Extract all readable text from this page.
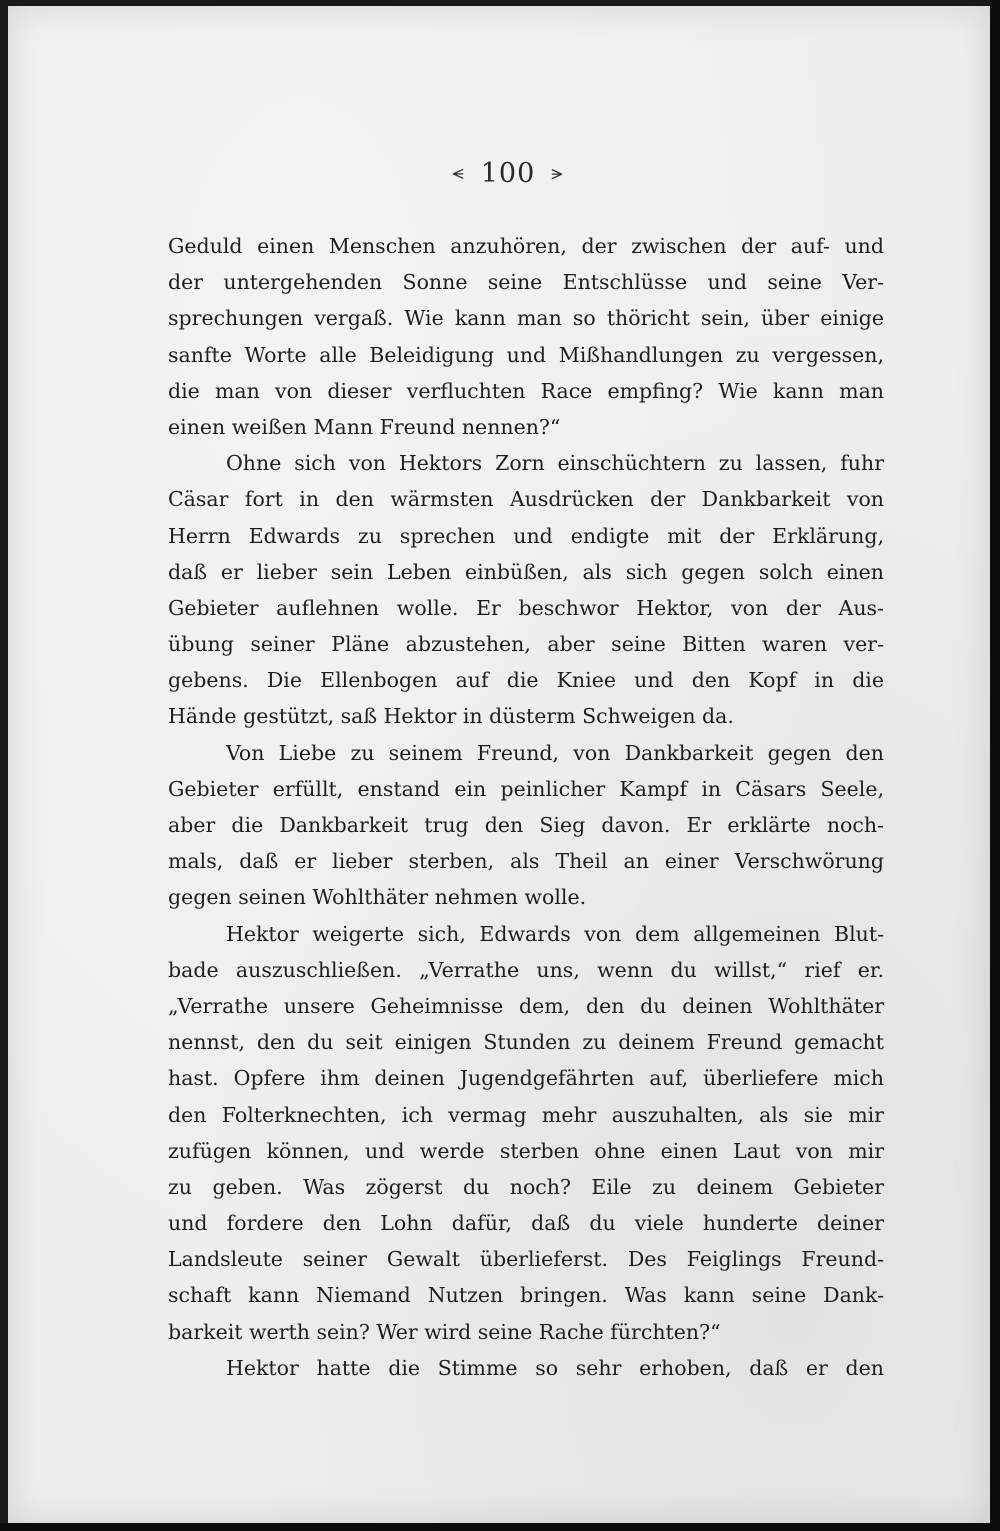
⪪ 100 ⪫
Geduld einen Menschen anzuhören, der zwischen der auf- und
der untergehenden Sonne seine Entschlüsse und seine Ver-
sprechungen vergaß. Wie kann man so thöricht sein, über einige
sanfte Worte alle Beleidigung und Mißhandlungen zu vergessen,
die man von dieser verfluchten Race empfing? Wie kann man
einen weißen Mann Freund nennen?“
Ohne sich von Hektors Zorn einschüchtern zu lassen, fuhr
Cäsar fort in den wärmsten Ausdrücken der Dankbarkeit von
Herrn Edwards zu sprechen und endigte mit der Erklärung,
daß er lieber sein Leben einbüßen, als sich gegen solch einen
Gebieter auflehnen wolle. Er beschwor Hektor, von der Aus-
übung seiner Pläne abzustehen, aber seine Bitten waren ver-
gebens. Die Ellenbogen auf die Kniee und den Kopf in die
Hände gestützt, saß Hektor in düsterm Schweigen da.
Von Liebe zu seinem Freund, von Dankbarkeit gegen den
Gebieter erfüllt, enstand ein peinlicher Kampf in Cäsars Seele,
aber die Dankbarkeit trug den Sieg davon. Er erklärte noch-
mals, daß er lieber sterben, als Theil an einer Verschwörung
gegen seinen Wohlthäter nehmen wolle.
Hektor weigerte sich, Edwards von dem allgemeinen Blut-
bade auszuschließen. „Verrathe uns, wenn du willst,“ rief er.
„Verrathe unsere Geheimnisse dem, den du deinen Wohlthäter
nennst, den du seit einigen Stunden zu deinem Freund gemacht
hast. Opfere ihm deinen Jugendgefährten auf, überliefere mich
den Folterknechten, ich vermag mehr auszuhalten, als sie mir
zufügen können, und werde sterben ohne einen Laut von mir
zu geben. Was zögerst du noch? Eile zu deinem Gebieter
und fordere den Lohn dafür, daß du viele hunderte deiner
Landsleute seiner Gewalt überlieferst. Des Feiglings Freund-
schaft kann Niemand Nutzen bringen. Was kann seine Dank-
barkeit werth sein? Wer wird seine Rache fürchten?“
Hektor hatte die Stimme so sehr erhoben, daß er den
